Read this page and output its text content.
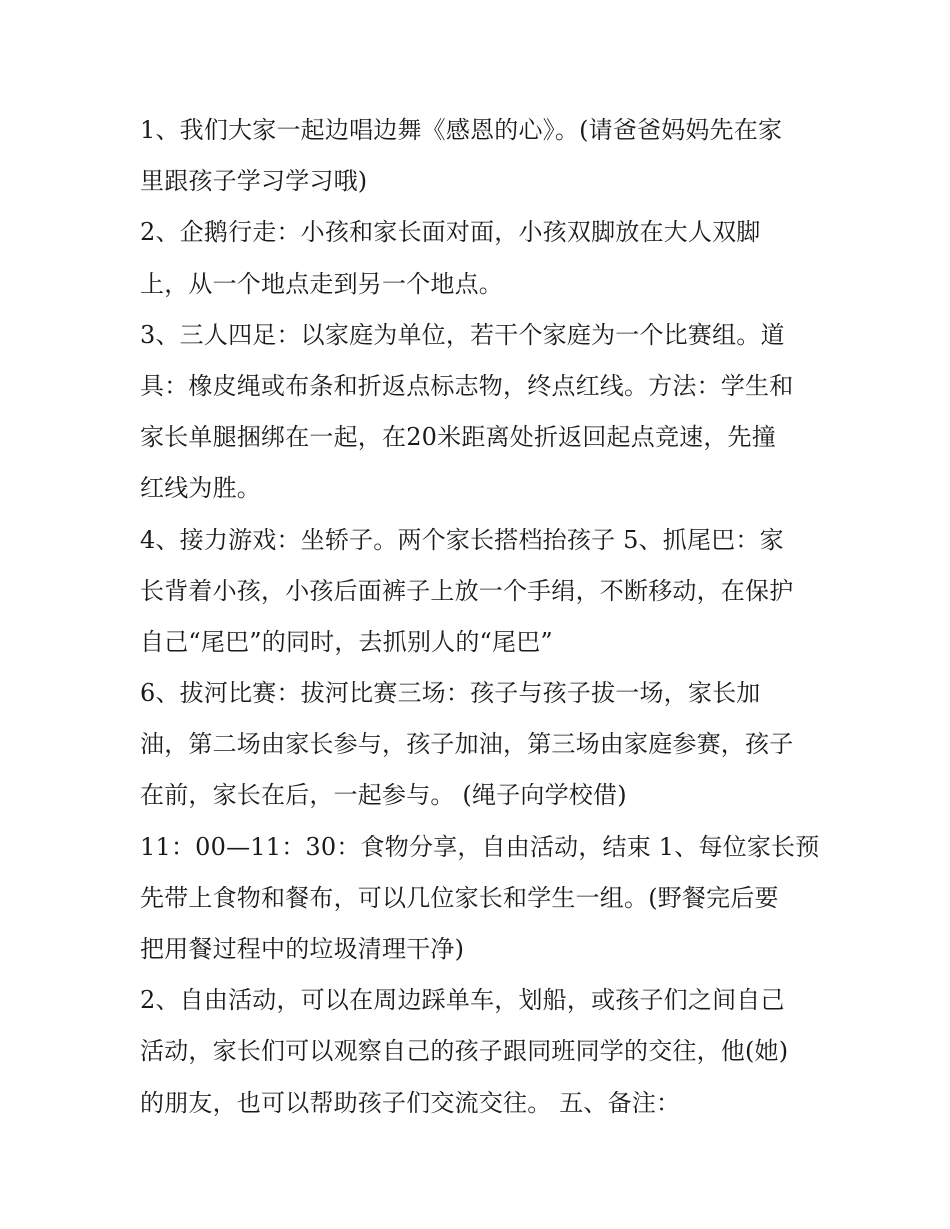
1、我们大家一起边唱边舞《感恩的心》。(请爸爸妈妈先在家
里跟孩子学习学习哦)
2、企鹅行走：小孩和家长面对面，小孩双脚放在大人双脚
上，从一个地点走到另一个地点。
3、三人四足：以家庭为单位，若干个家庭为一个比赛组。道
具：橡皮绳或布条和折返点标志物，终点红线。方法：学生和
家长单腿捆绑在一起，在20米距离处折返回起点竞速，先撞
红线为胜。
4、接力游戏：坐轿子。两个家长搭档抬孩子 5、抓尾巴：家
长背着小孩，小孩后面裤子上放一个手绢，不断移动，在保护
自己“尾巴”的同时，去抓别人的“尾巴”
6、拔河比赛：拔河比赛三场：孩子与孩子拔一场，家长加
油，第二场由家长参与，孩子加油，第三场由家庭参赛，孩子
在前，家长在后，一起参与。 (绳子向学校借)
11：00—11：30：食物分享，自由活动，结束 1、每位家长预
先带上食物和餐布，可以几位家长和学生一组。(野餐完后要
把用餐过程中的垃圾清理干净)
2、自由活动，可以在周边踩单车，划船，或孩子们之间自己
活动，家长们可以观察自己的孩子跟同班同学的交往，他(她)
的朋友，也可以帮助孩子们交流交往。 五、备注：
